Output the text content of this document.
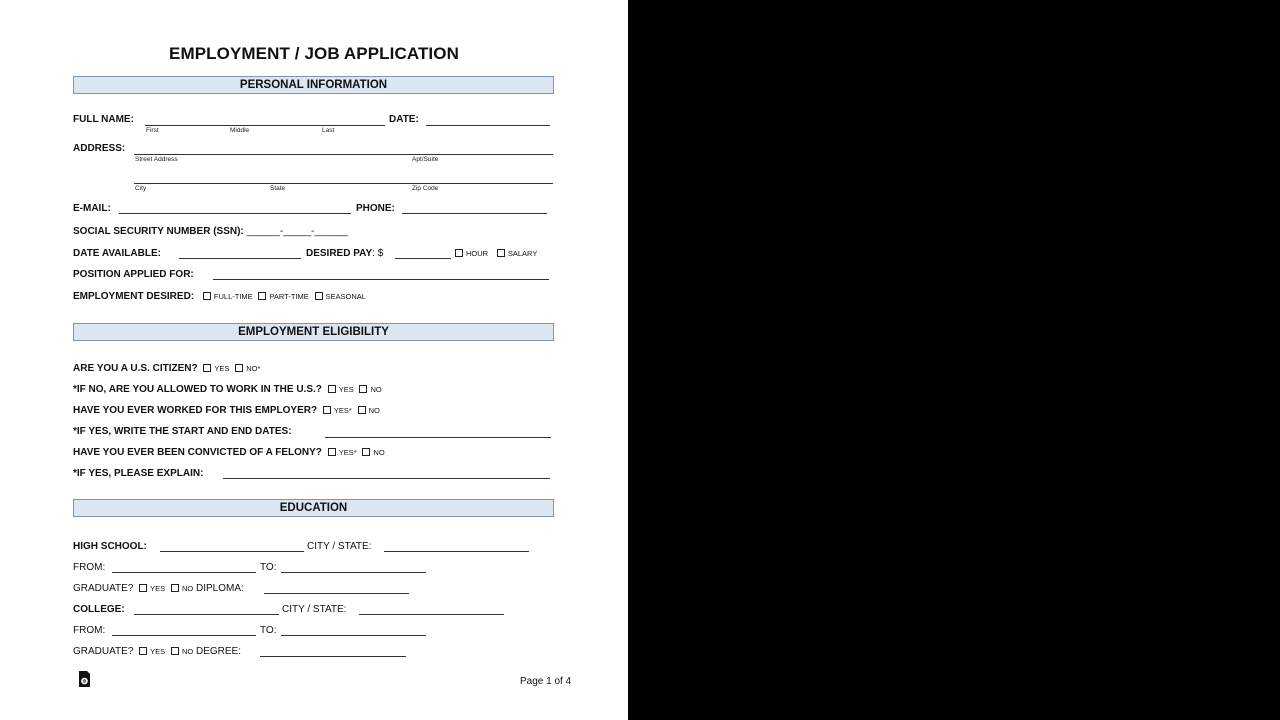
EMPLOYMENT / JOB APPLICATION
PERSONAL INFORMATION
FULL NAME:
First	Middle	Last
DATE:
ADDRESS:
Street Address	Apt/Suite
City	State	Zip Code
E-MAIL:	PHONE:
SOCIAL SECURITY NUMBER (SSN): ______-_____-______
DATE AVAILABLE:	DESIRED PAY: $	HOUR	SALARY
POSITION APPLIED FOR:
EMPLOYMENT DESIRED:	FULL-TIME PART-TIME SEASONAL
EMPLOYMENT ELIGIBILITY
ARE YOU A U.S. CITIZEN? YES NO*
*IF NO, ARE YOU ALLOWED TO WORK IN THE U.S.? YES NO
HAVE YOU EVER WORKED FOR THIS EMPLOYER? YES* NO
*IF YES, WRITE THE START AND END DATES:
HAVE YOU EVER BEEN CONVICTED OF A FELONY? YES* NO
*IF YES, PLEASE EXPLAIN:
EDUCATION
HIGH SCHOOL:	CITY / STATE:
FROM:	TO:
GRADUATE? YES NO DIPLOMA:
COLLEGE:	CITY / STATE:
FROM:	TO:
GRADUATE? YES NO DEGREE:
Page 1 of 4
